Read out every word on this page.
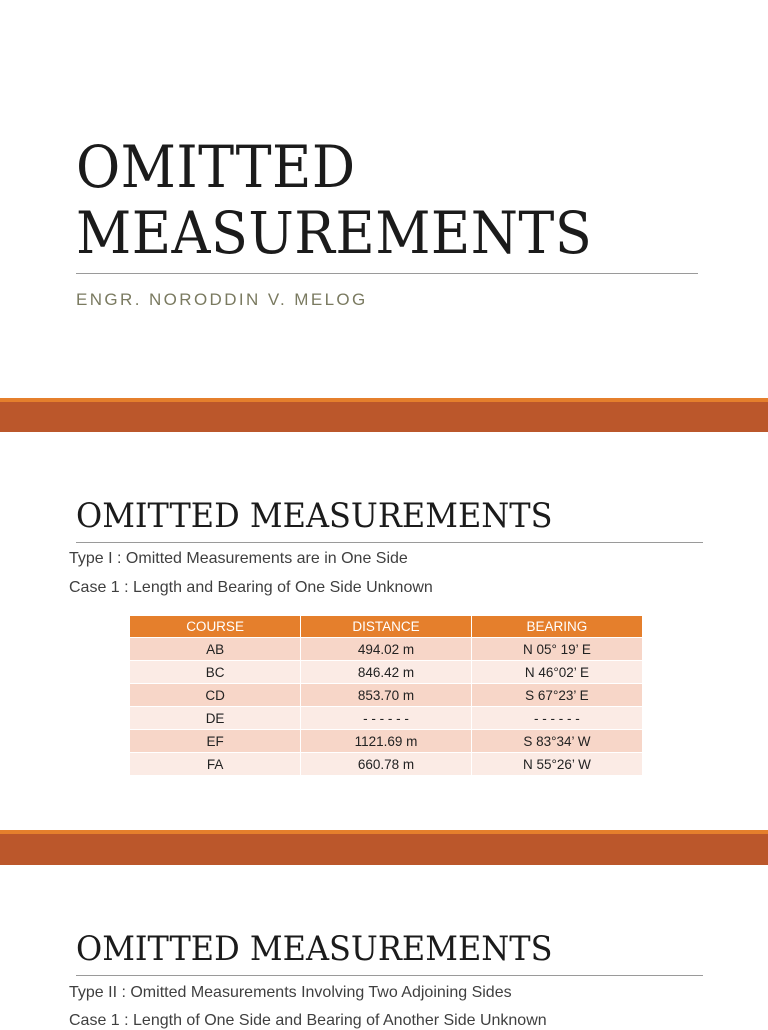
OMITTED
MEASUREMENTS

ENGR. NORODDIN V. MELOG

OMITTED MEASUREMENTS

Type I : Omitted Measurements are in One Side

Case 1 : Length and Bearing of One Side Unknown

COURSE	DISTANCE	BEARING
AB	494.02 m	N 05° 19’ E
BC	846.42 m	N 46°02’ E
CD	853.70 m	S 67°23’ E
DE	- - - - - -	- - - - - -
EF	1121.69 m	S 83°34’ W
FA	660.78 m	N 55°26’ W
OMITTED MEASUREMENTS

Type II : Omitted Measurements Involving Two Adjoining Sides

Case 1 : Length of One Side and Bearing of Another Side Unknown
